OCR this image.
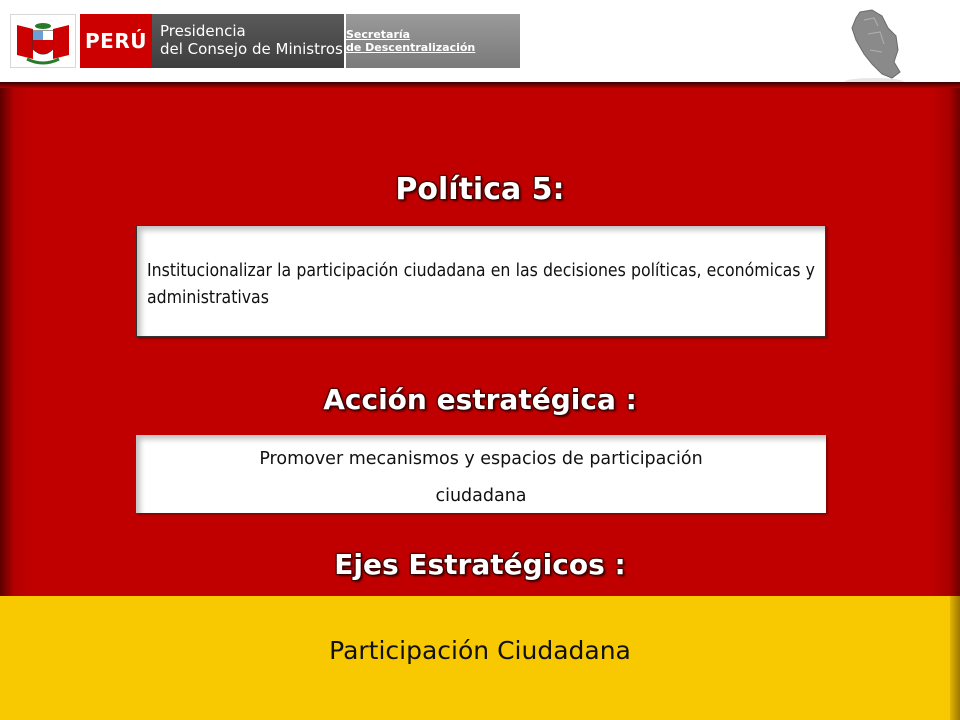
PERÚ Presidencia
del Consejo de Ministros
Secretaría
de Descentralización
Política 5:

Institucionalizar la participación ciudadana en las decisiones políticas, económicas y administrativas

Acción estratégica :

Promover mecanismos y espacios de participación
ciudadana

Ejes Estratégicos :
Participación Ciudadana
